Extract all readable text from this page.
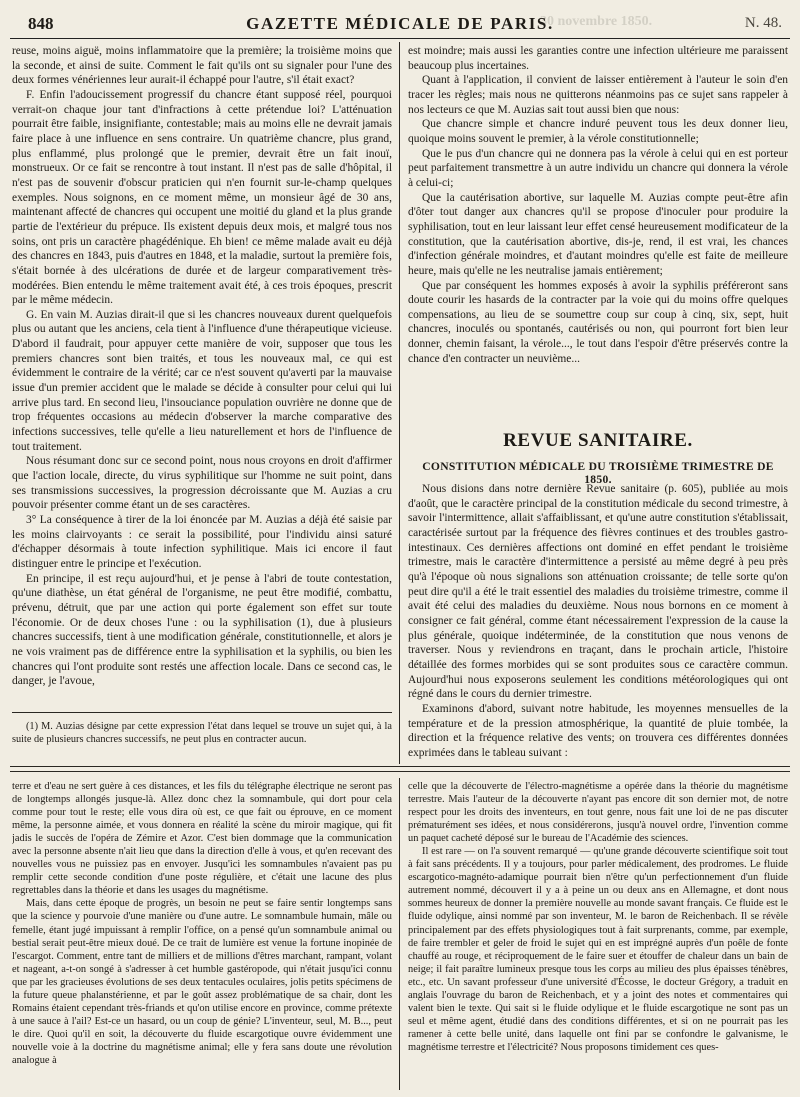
30 novembre 1850.
848	GAZETTE MÉDICALE DE PARIS.	N. 48.

reuse, moins aiguë, moins inflammatoire que la première; la troisième moins que la seconde, et ainsi de suite. Comment le fait qu'ils ont su signaler pour l'une des deux formes vénériennes leur aurait-il échappé pour l'autre, s'il était exact?

F. Enfin l'adoucissement progressif du chancre étant supposé réel, pourquoi verrait-on chaque jour tant d'infractions à cette prétendue loi? L'atténuation pourrait être faible, insignifiante, contestable; mais au moins elle ne devrait jamais faire place à une influence en sens contraire. Un quatrième chancre, plus grand, plus enflammé, plus prolongé que le premier, devrait être un fait inouï, monstrueux. Or ce fait se rencontre à tout instant. Il n'est pas de salle d'hôpital, il n'est pas de souvenir d'obscur praticien qui n'en fournit sur-le-champ quelques exemples. Nous soignons, en ce moment même, un monsieur âgé de 30 ans, maintenant affecté de chancres qui occupent une moitié du gland et la plus grande partie de l'extérieur du prépuce. Ils existent depuis deux mois, et malgré tous nos soins, ont pris un caractère phagédénique. Eh bien! ce même malade avait eu déjà des chancres en 1843, puis d'autres en 1848, et la maladie, surtout la première fois, s'était bornée à des ulcérations de durée et de largeur comparativement très-modérées. Bien entendu le même traitement avait été, à ces trois époques, prescrit par le même médecin.

G. En vain M. Auzias dirait-il que si les chancres nouveaux durent quelquefois plus ou autant que les anciens, cela tient à l'influence d'une thérapeutique vicieuse. D'abord il faudrait, pour appuyer cette manière de voir, supposer que tous les premiers chancres sont bien traités, et tous les nouveaux mal, ce qui est évidemment le contraire de la vérité; car ce n'est souvent qu'averti par la mauvaise issue d'un premier accident que le malade se décide à consulter pour celui qui lui arrive plus tard. En second lieu, l'insouciance population ouvrière ne donne que de trop fréquentes occasions au médecin d'observer la marche comparative des infections successives, telle qu'elle a lieu naturellement et hors de l'influence de tout traitement.

Nous résumant donc sur ce second point, nous nous croyons en droit d'affirmer que l'action locale, directe, du virus syphilitique sur l'homme ne suit point, dans ses transmissions successives, la progression décroissante que M. Auzias a cru pouvoir présenter comme étant un de ses caractères.

3° La conséquence à tirer de la loi énoncée par M. Auzias a déjà été saisie par les moins clairvoyants : ce serait la possibilité, pour l'individu ainsi saturé d'échapper désormais à toute infection syphilitique. Mais ici encore il faut distinguer entre le principe et l'exécution.

En principe, il est reçu aujourd'hui, et je pense à l'abri de toute contestation, qu'une diathèse, un état général de l'organisme, ne peut être modifié, combattu, prévenu, détruit, que par une action qui porte également son effet sur toute l'économie. Or de deux choses l'une : ou la syphilisation (1), due à plusieurs chancres successifs, tient à une modification générale, constitutionnelle, et alors je ne vois vraiment pas de différence entre la syphilisation et la syphilis, ou bien les chancres qui l'ont produite sont restés une affection locale. Dans ce second cas, le danger, je l'avoue,

(1) M. Auzias désigne par cette expression l'état dans lequel se trouve un sujet qui, à la suite de plusieurs chancres successifs, ne peut plus en contracter aucun.

est moindre; mais aussi les garanties contre une infection ultérieure me paraissent beaucoup plus incertaines.

Quant à l'application, il convient de laisser entièrement à l'auteur le soin d'en tracer les règles; mais nous ne quitterons néanmoins pas ce sujet sans rappeler à nos lecteurs ce que M. Auzias sait tout aussi bien que nous:

Que chancre simple et chancre induré peuvent tous les deux donner lieu, quoique moins souvent le premier, à la vérole constitutionnelle;

Que le pus d'un chancre qui ne donnera pas la vérole à celui qui en est porteur peut parfaitement transmettre à un autre individu un chancre qui donnera la vérole à celui-ci;

Que la cautérisation abortive, sur laquelle M. Auzias compte peut-être afin d'ôter tout danger aux chancres qu'il se propose d'inoculer pour produire la syphilisation, tout en leur laissant leur effet censé heureusement modificateur de la constitution, que la cautérisation abortive, dis-je, rend, il est vrai, les chances d'infection générale moindres, et d'autant moindres qu'elle est faite de meilleure heure, mais qu'elle ne les neutralise jamais entièrement;

Que par conséquent les hommes exposés à avoir la syphilis préféreront sans doute courir les hasards de la contracter par la voie qui du moins offre quelques compensations, au lieu de se soumettre coup sur coup à cinq, six, sept, huit chancres, inoculés ou spontanés, cautérisés ou non, qui pourront fort bien leur donner, chemin faisant, la vérole..., le tout dans l'espoir d'être préservés contre la chance d'en contracter un neuvième...

REVUE SANITAIRE.
CONSTITUTION MÉDICALE DU TROISIÈME TRIMESTRE DE 1850.

Nous disions dans notre dernière Revue sanitaire (p. 605), publiée au mois d'août, que le caractère principal de la constitution médicale du second trimestre, à savoir l'intermittence, allait s'affaiblissant, et qu'une autre constitution s'établissait, caractérisée surtout par la fréquence des fièvres continues et des troubles gastro-intestinaux. Ces dernières affections ont dominé en effet pendant le troisième trimestre, mais le caractère d'intermittence a persisté au même degré à peu près qu'à l'époque où nous signalions son atténuation croissante; de telle sorte qu'on peut dire qu'il a été le trait essentiel des maladies du troisième trimestre, comme il avait été celui des maladies du deuxième. Nous nous bornons en ce moment à consigner ce fait général, comme étant nécessairement l'expression de la cause la plus générale, quoique indéterminée, de la constitution que nous venons de traverser. Nous y reviendrons en traçant, dans le prochain article, l'histoire détaillée des formes morbides qui se sont produites sous ce caractère commun. Aujourd'hui nous exposerons seulement les conditions météorologiques qui ont régné dans le cours du dernier trimestre.

Examinons d'abord, suivant notre habitude, les moyennes mensuelles de la température et de la pression atmosphérique, la quantité de pluie tombée, la direction et la fréquence relative des vents; on trouvera ces différentes données exprimées dans le tableau suivant :

terre et d'eau ne sert guère à ces distances, et les fils du télégraphe électrique ne seront pas de longtemps allongés jusque-là. Allez donc chez la somnambule, qui dort pour cela comme pour tout le reste; elle vous dira où est, ce que fait ou éprouve, en ce moment même, la personne aimée, et vous donnera en réalité la scène du miroir magique, qui fit jadis le succès de l'opéra de Zémire et Azor. C'est bien dommage que la communication avec la personne absente n'ait lieu que dans la direction d'elle à vous, et qu'en recevant des nouvelles vous ne puissiez pas en envoyer. Jusqu'ici les somnambules n'avaient pas pu remplir cette seconde condition d'une poste régulière, et c'était une lacune des plus regrettables dans la théorie et dans les usages du magnétisme.

Mais, dans cette époque de progrès, un besoin ne peut se faire sentir longtemps sans que la science y pourvoie d'une manière ou d'une autre. Le somnambule humain, mâle ou femelle, étant jugé impuissant à remplir l'office, on a pensé qu'un somnambule animal ou bestial serait peut-être mieux doué. De ce trait de lumière est venue la fortune inopinée de l'escargot. Comment, entre tant de milliers et de millions d'êtres marchant, rampant, volant et nageant, a-t-on songé à s'adresser à cet humble gastéropode, qui n'était jusqu'ici connu que par les gracieuses évolutions de ses deux tentacules oculaires, jolis petits spécimens de la future queue phalanstérienne, et par le goût assez problématique de sa chair, dont les Romains étaient cependant très-friands et qu'on utilise encore en province, comme prétexte à une sauce à l'ail? Est-ce un hasard, ou un coup de génie? L'inventeur, seul, M. B..., peut le dire. Quoi qu'il en soit, la découverte du fluide escargotique ouvre évidemment une nouvelle voie à la doctrine du magnétisme animal; elle y fera sans doute une révolution analogue à

celle que la découverte de l'électro-magnétisme a opérée dans la théorie du magnétisme terrestre. Mais l'auteur de la découverte n'ayant pas encore dit son dernier mot, de notre respect pour les droits des inventeurs, en tout genre, nous fait une loi de ne pas discuter prématurément ses idées, et nous considérerons, jusqu'à nouvel ordre, l'invention comme un paquet cacheté déposé sur le bureau de l'Académie des sciences.

Il est rare — on l'a souvent remarqué — qu'une grande découverte scientifique soit tout à fait sans précédents. Il y a toujours, pour parler médicalement, des prodromes. Le fluide escargotico-magnéto-adamique pourrait bien n'être qu'un perfectionnement d'un fluide autrement nommé, découvert il y a à peine un ou deux ans en Allemagne, et dont nous sommes heureux de donner la première nouvelle au monde savant français. Ce fluide est le fluide odylique, ainsi nommé par son inventeur, M. le baron de Reichenbach. Il se révèle principalement par des effets physiologiques tout à fait surprenants, comme, par exemple, de faire trembler et geler de froid le sujet qui en est imprégné auprès d'un poêle de fonte chauffé au rouge, et réciproquement de le faire suer et étouffer de chaleur dans un bain de neige; il fait paraître lumineux presque tous les corps au milieu des plus épaisses ténèbres, etc., etc. Un savant professeur d'une université d'Écosse, le docteur Grégory, a traduit en anglais l'ouvrage du baron de Reichenbach, et y a joint des notes et commentaires qui valent bien le texte. Qui sait si le fluide odylique et le fluide escargotique ne sont pas un seul et même agent, étudié dans des conditions différentes, et si on ne pourrait pas les ramener à cette belle unité, dans laquelle ont fini par se confondre le galvanisme, le magnétisme terrestre et l'électricité? Nous proposons timidement ces ques-
